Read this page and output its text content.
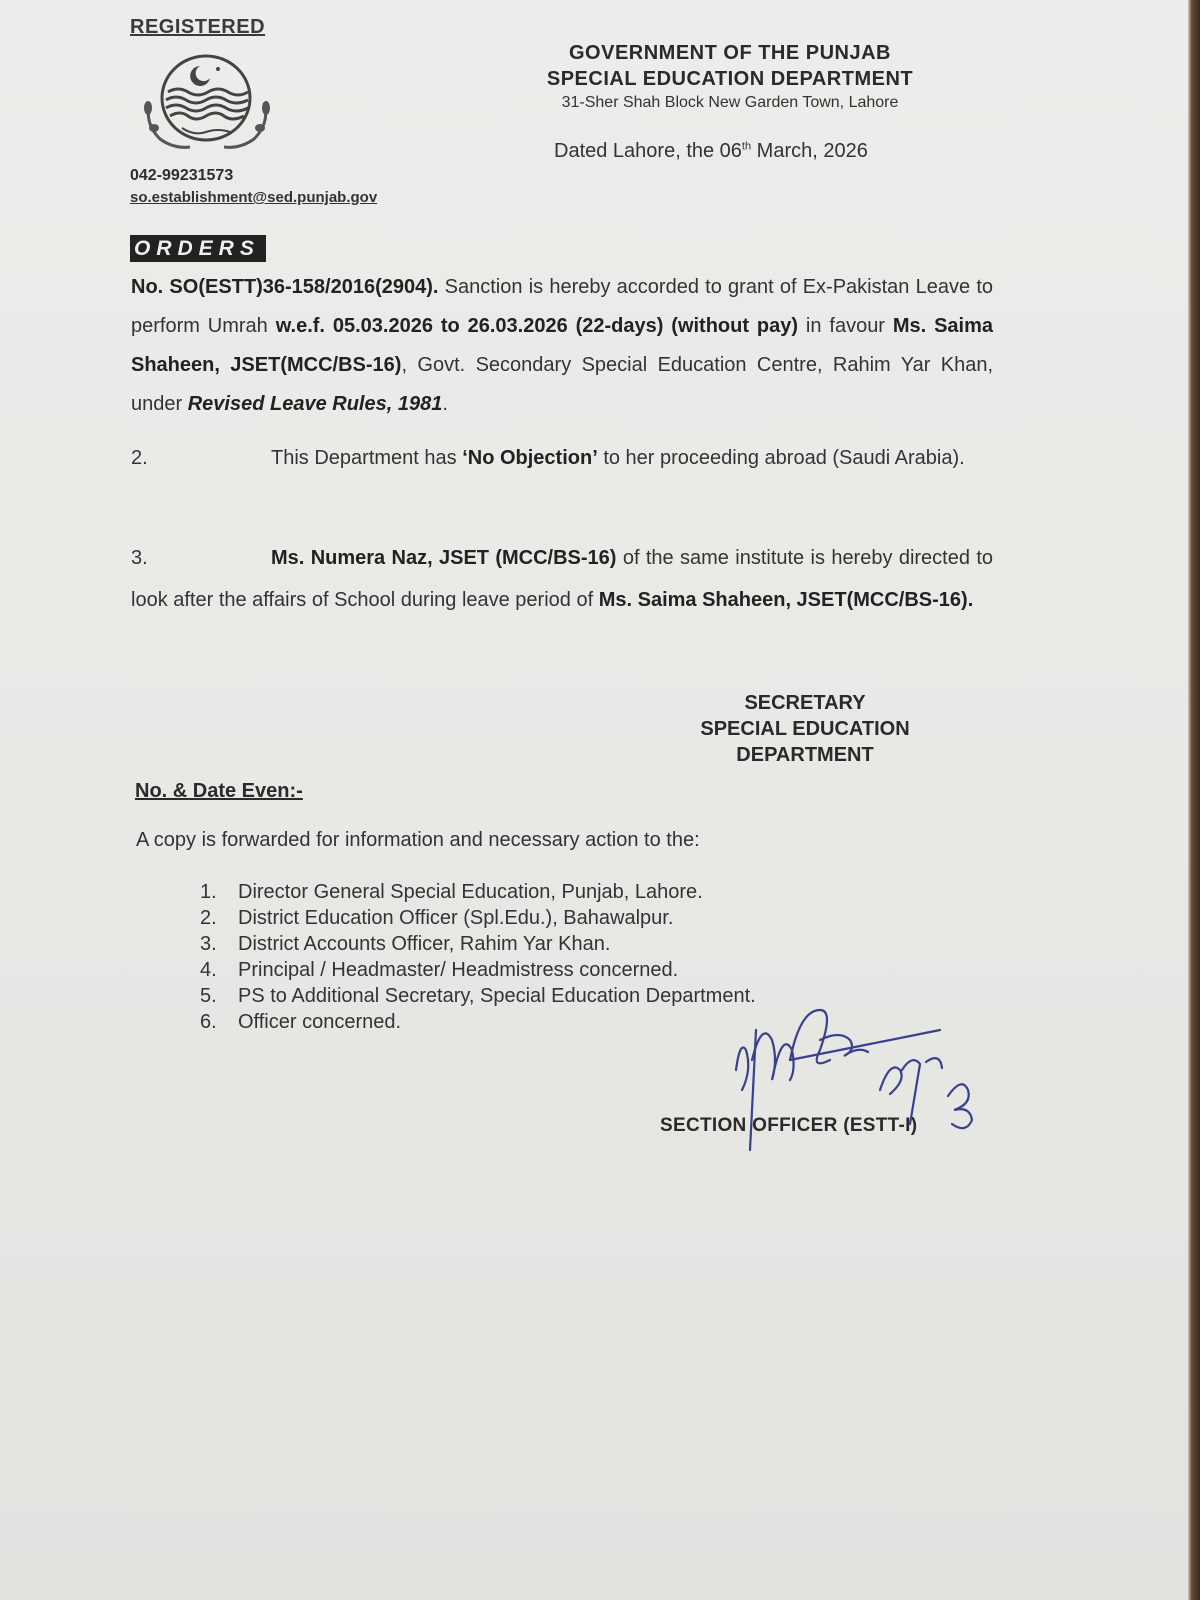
REGISTERED
GOVERNMENT OF THE PUNJAB
SPECIAL EDUCATION DEPARTMENT
31-Sher Shah Block New Garden Town, Lahore
Dated Lahore, the 06th March, 2026
042-99231573
so.establishment@sed.punjab.gov
ORDERS
No. SO(ESTT)36-158/2016(2904). Sanction is hereby accorded to grant of Ex-Pakistan Leave to perform Umrah w.e.f. 05.03.2026 to 26.03.2026 (22-days) (without pay) in favour Ms. Saima Shaheen, JSET(MCC/BS-16), Govt. Secondary Special Education Centre, Rahim Yar Khan, under Revised Leave Rules, 1981.
2.	This Department has ‘No Objection’ to her proceeding abroad (Saudi Arabia).
3.	Ms. Numera Naz, JSET (MCC/BS-16) of the same institute is hereby directed to look after the affairs of School during leave period of Ms. Saima Shaheen, JSET(MCC/BS-16).
SECRETARY
SPECIAL EDUCATION
DEPARTMENT
No. & Date Even:-
A copy is forwarded for information and necessary action to the:
1. Director General Special Education, Punjab, Lahore.
2. District Education Officer (Spl.Edu.), Bahawalpur.
3. District Accounts Officer, Rahim Yar Khan.
4. Principal / Headmaster/ Headmistress concerned.
5. PS to Additional Secretary, Special Education Department.
6. Officer concerned.
SECTION OFFICER (ESTT-I)
